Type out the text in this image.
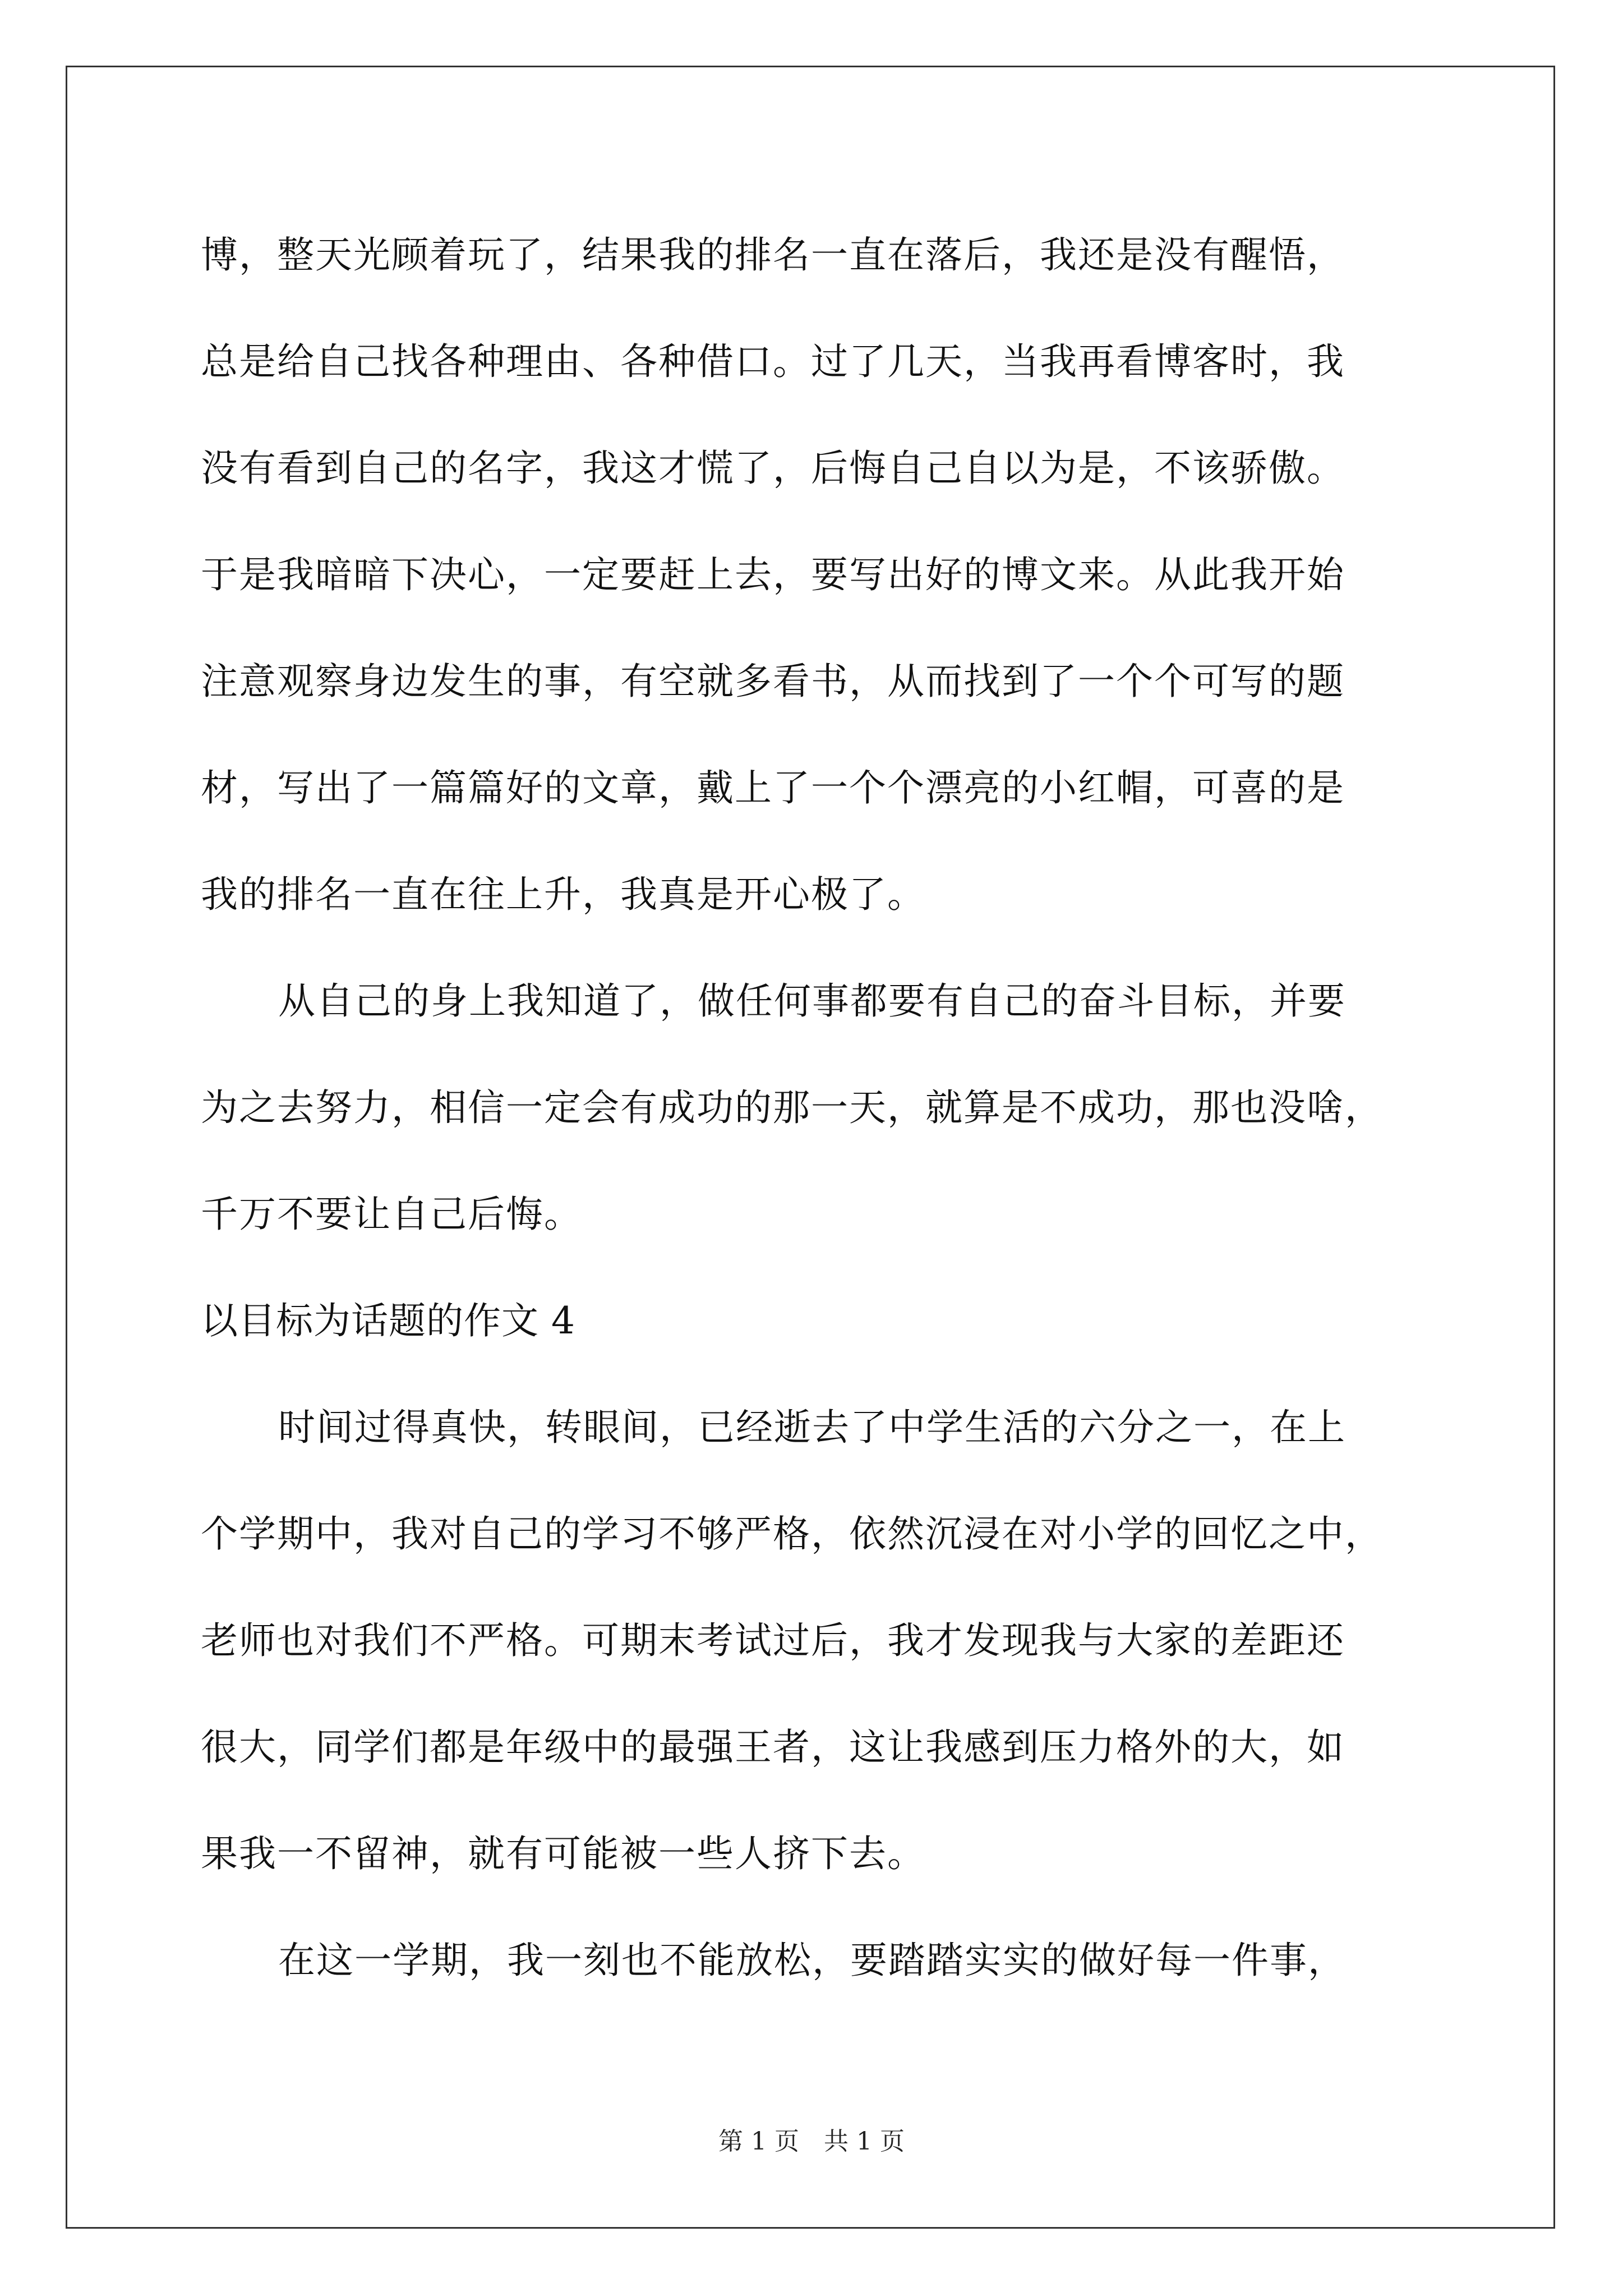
博，整天光顾着玩了，结果我的排名一直在落后，我还是没有醒悟，
总是给自己找各种理由、各种借口。过了几天，当我再看博客时，我
没有看到自己的名字，我这才慌了，后悔自己自以为是，不该骄傲。
于是我暗暗下决心，一定要赶上去，要写出好的博文来。从此我开始
注意观察身边发生的事，有空就多看书，从而找到了一个个可写的题
材，写出了一篇篇好的文章，戴上了一个个漂亮的小红帽，可喜的是
我的排名一直在往上升，我真是开心极了。
从自己的身上我知道了，做任何事都要有自己的奋斗目标，并要
为之去努力，相信一定会有成功的那一天，就算是不成功，那也没啥，
千万不要让自己后悔。
以目标为话题的作文 4
时间过得真快，转眼间，已经逝去了中学生活的六分之一，在上
个学期中，我对自己的学习不够严格，依然沉浸在对小学的回忆之中，
老师也对我们不严格。可期末考试过后，我才发现我与大家的差距还
很大，同学们都是年级中的最强王者，这让我感到压力格外的大，如
果我一不留神，就有可能被一些人挤下去。
在这一学期，我一刻也不能放松，要踏踏实实的做好每一件事，
第 1 页　共 1 页
